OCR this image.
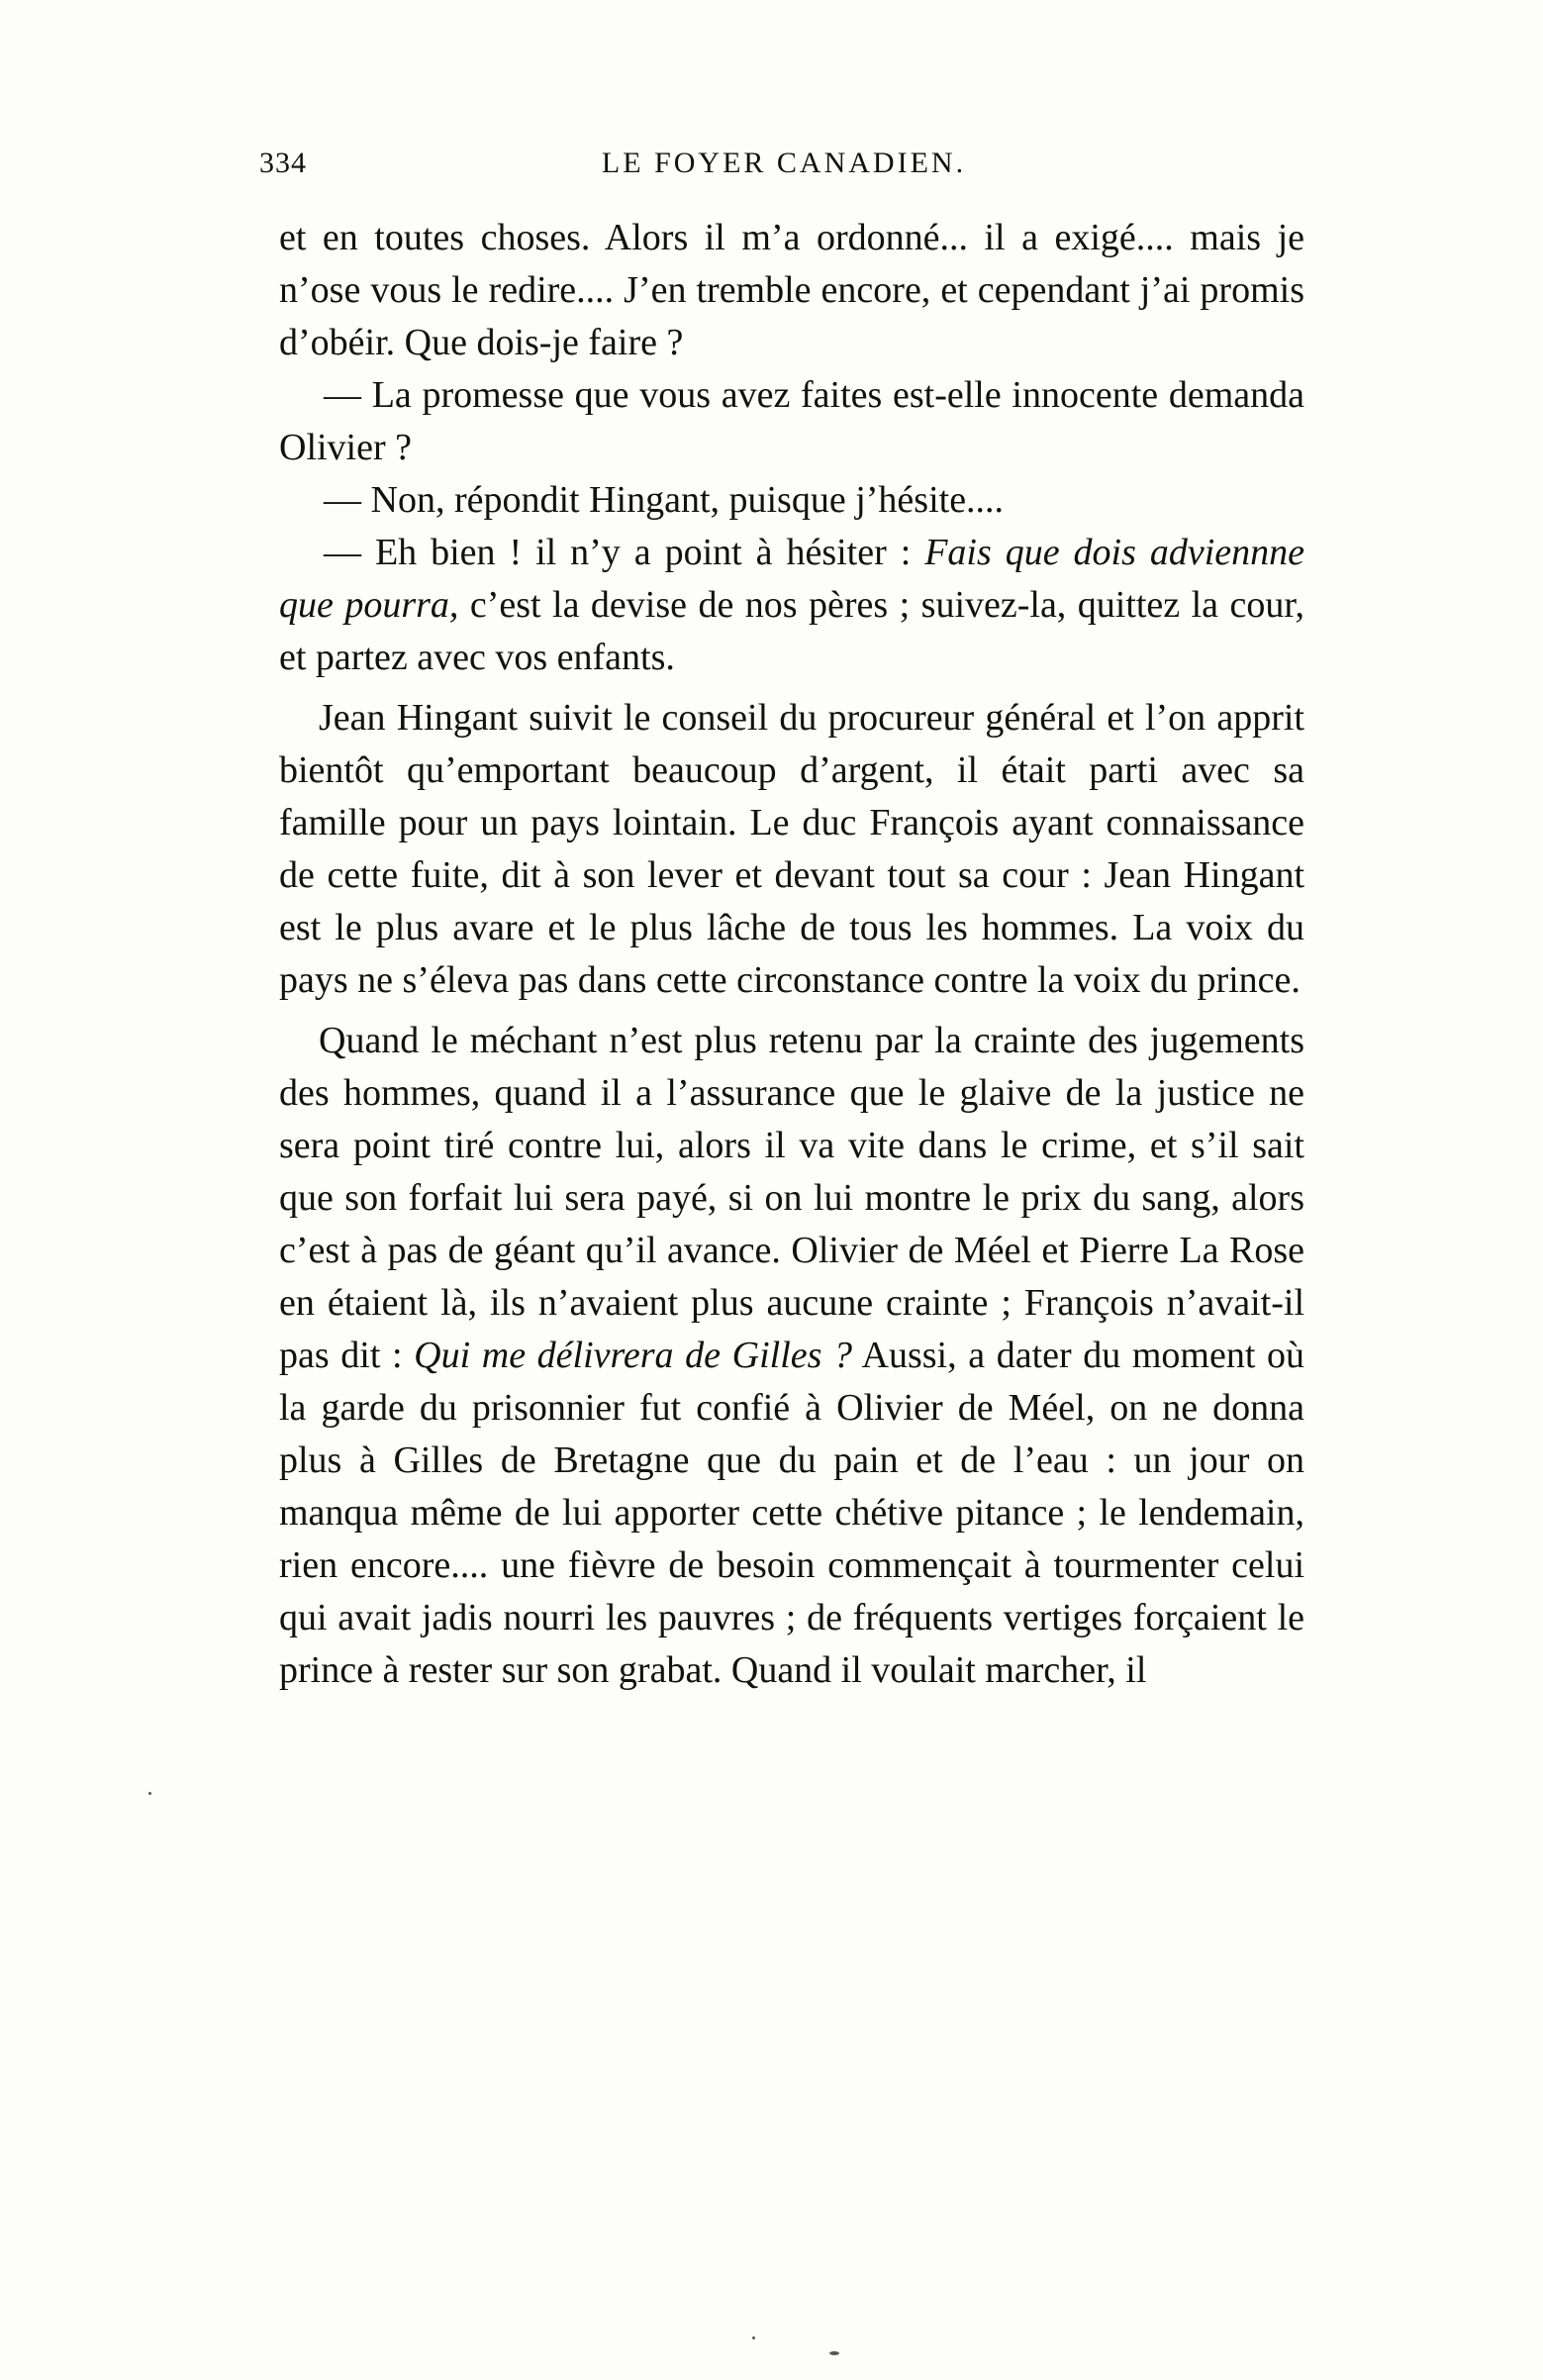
334	LE FOYER CANADIEN.

et en toutes choses. Alors il m’a ordonné... il a exigé.... mais je n’ose vous le redire.... J’en tremble encore, et cependant j’ai promis d’obéir. Que dois-je faire ?

— La promesse que vous avez faites est-elle innocente demanda Olivier ?

— Non, répondit Hingant, puisque j’hésite....

— Eh bien ! il n’y a point à hésiter : Fais que dois adviennne que pourra, c’est la devise de nos pères ; suivez-la, quittez la cour, et partez avec vos enfants.

Jean Hingant suivit le conseil du procureur général et l’on apprit bientôt qu’emportant beaucoup d’argent, il était parti avec sa famille pour un pays lointain. Le duc François ayant connaissance de cette fuite, dit à son lever et devant tout sa cour : Jean Hingant est le plus avare et le plus lâche de tous les hommes. La voix du pays ne s’éleva pas dans cette circonstance contre la voix du prince.

Quand le méchant n’est plus retenu par la crainte des jugements des hommes, quand il a l’assurance que le glaive de la justice ne sera point tiré contre lui, alors il va vite dans le crime, et s’il sait que son forfait lui sera payé, si on lui montre le prix du sang, alors c’est à pas de géant qu’il avance. Olivier de Méel et Pierre La Rose en étaient là, ils n’avaient plus aucune crainte ; François n’avait-il pas dit : Qui me délivrera de Gilles ? Aussi, a dater du moment où la garde du prisonnier fut confié à Olivier de Méel, on ne donna plus à Gilles de Bretagne que du pain et de l’eau : un jour on manqua même de lui apporter cette chétive pitance ; le lendemain, rien encore.... une fièvre de besoin commençait à tourmenter celui qui avait jadis nourri les pauvres ; de fréquents vertiges forçaient le prince à rester sur son grabat. Quand il voulait marcher, il
